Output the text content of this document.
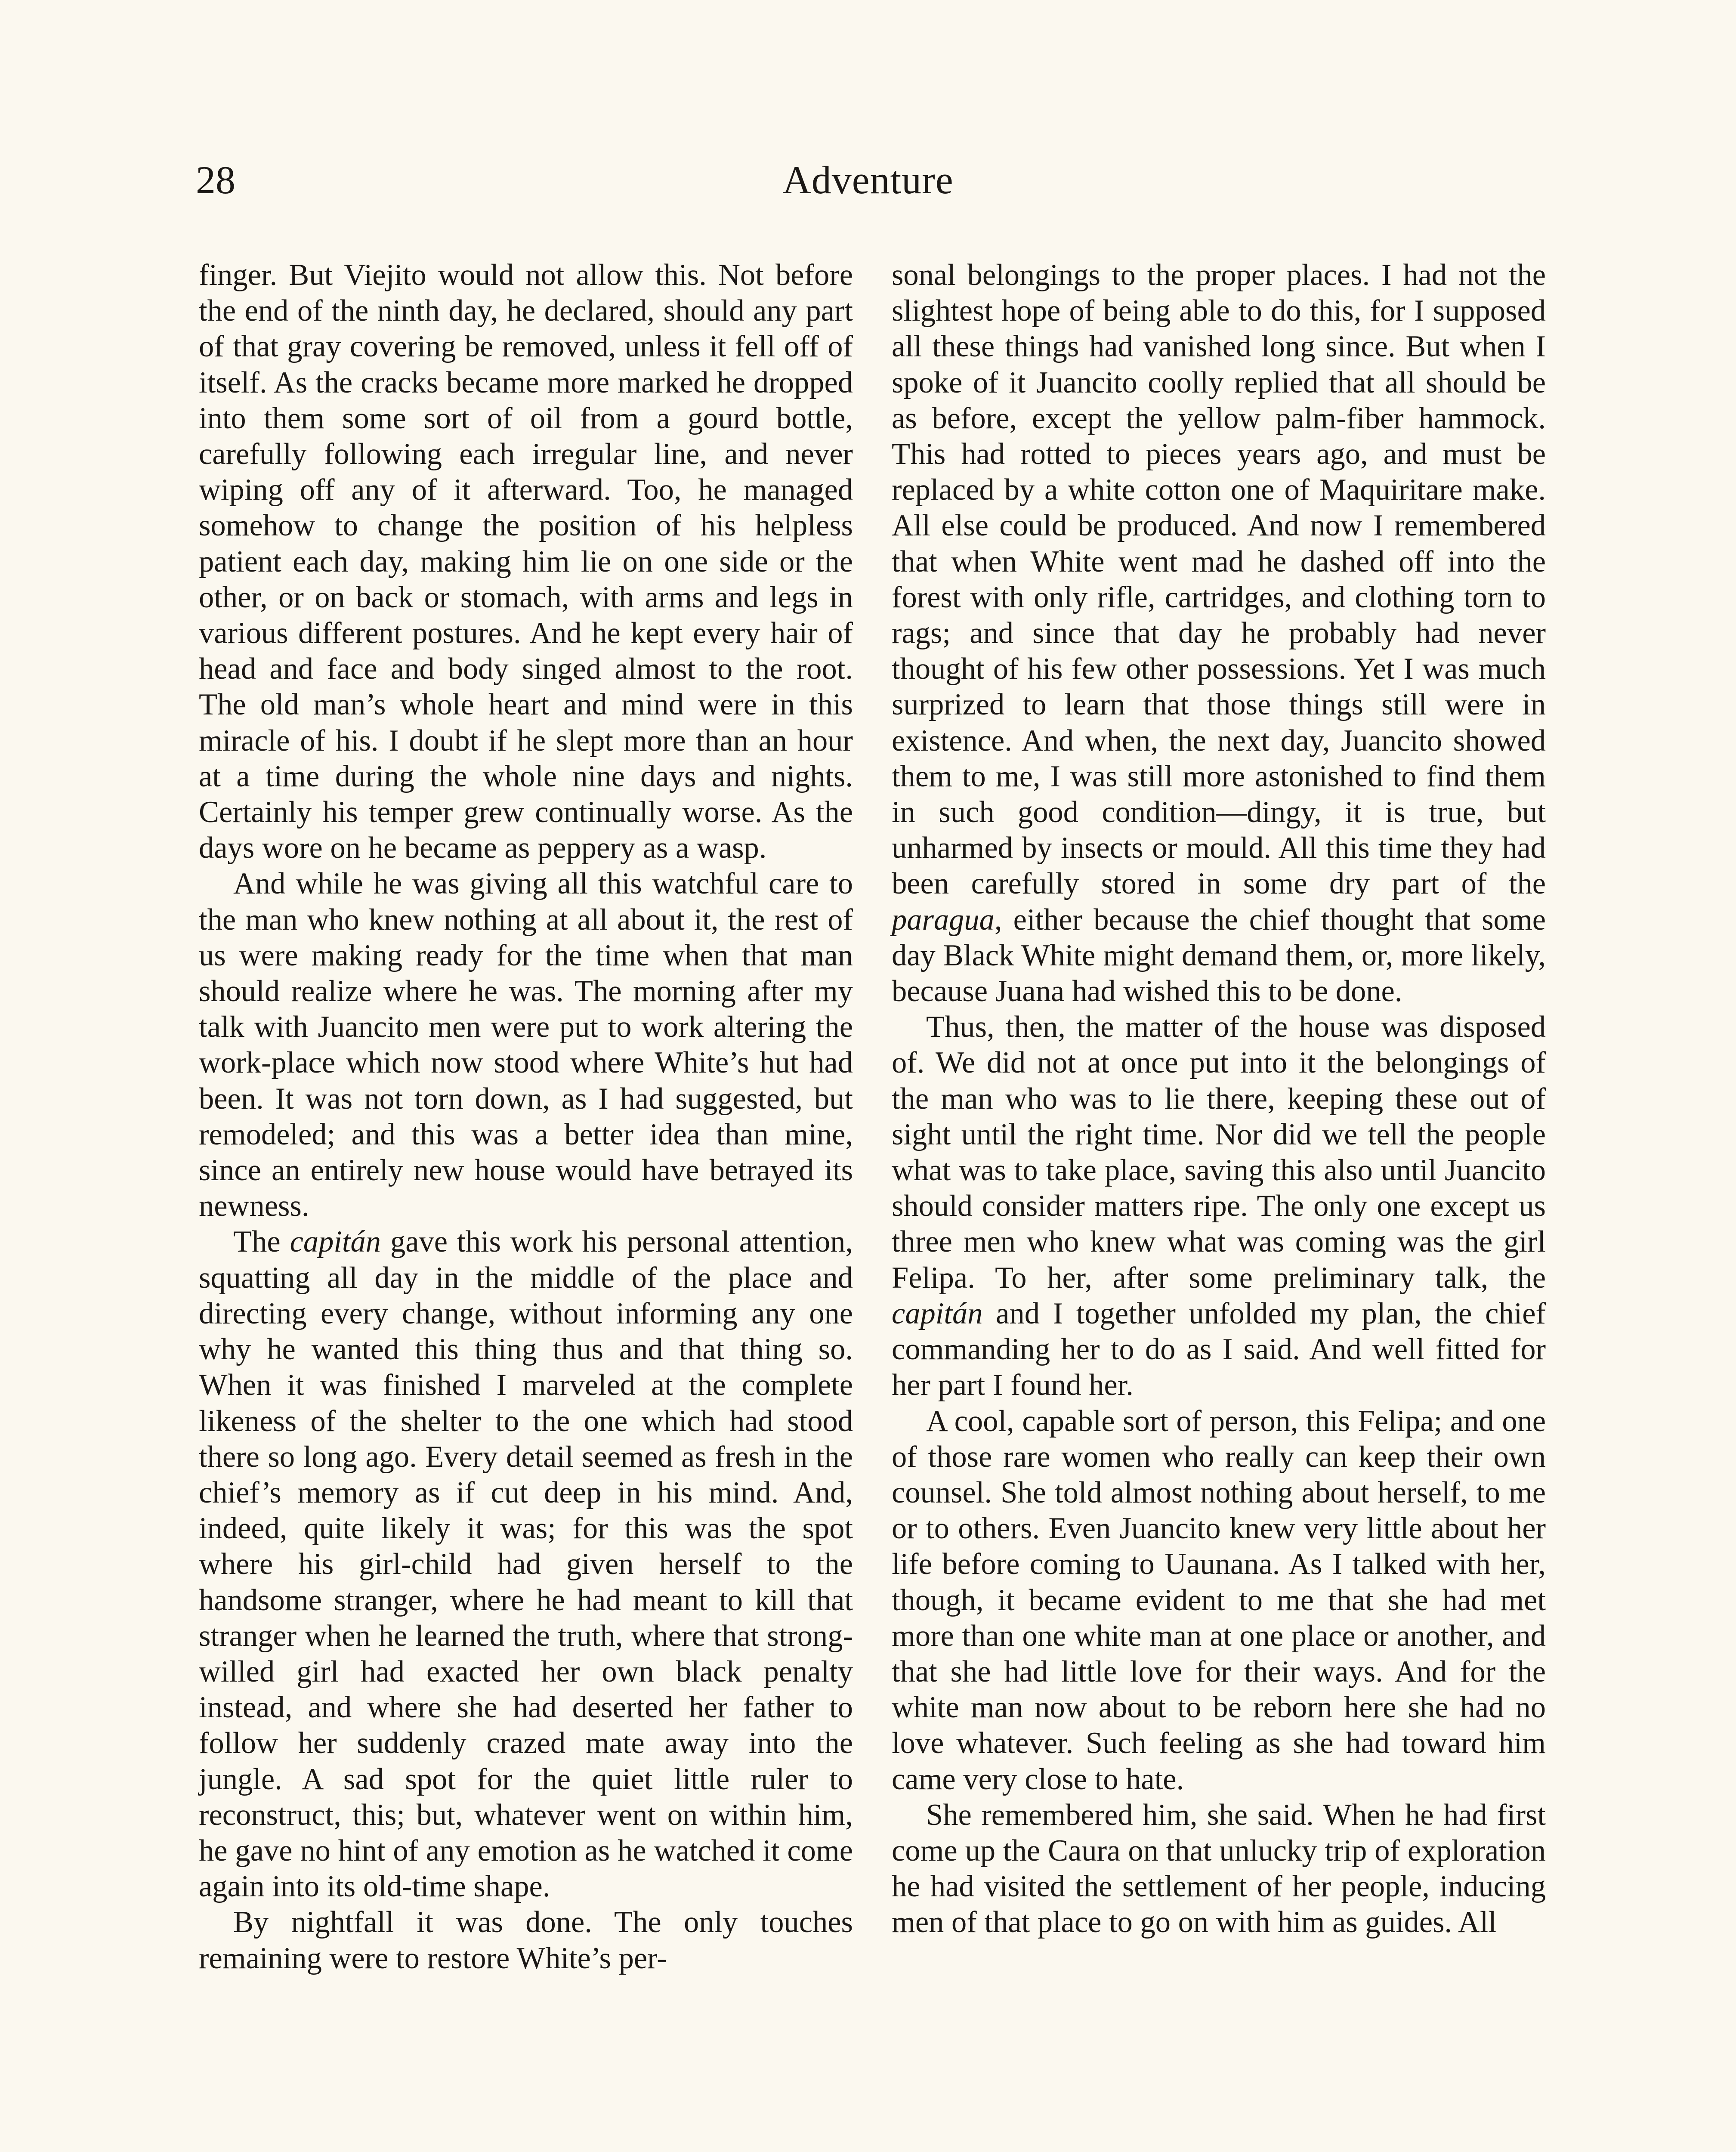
28	Adventure

finger. But Viejito would not allow this. Not before the end of the ninth day, he declared, should any part of that gray covering be removed, unless it fell off of itself. As the cracks became more marked he dropped into them some sort of oil from a gourd bottle, carefully following each irregular line, and never wiping off any of it afterward. Too, he managed somehow to change the position of his helpless patient each day, making him lie on one side or the other, or on back or stomach, with arms and legs in various different postures. And he kept every hair of head and face and body singed almost to the root. The old man’s whole heart and mind were in this miracle of his. I doubt if he slept more than an hour at a time during the whole nine days and nights. Certainly his temper grew continually worse. As the days wore on he became as peppery as a wasp.

And while he was giving all this watchful care to the man who knew nothing at all about it, the rest of us were making ready for the time when that man should realize where he was. The morning after my talk with Juancito men were put to work altering the work-place which now stood where White’s hut had been. It was not torn down, as I had suggested, but remodeled; and this was a better idea than mine, since an entirely new house would have betrayed its newness.

The capitán gave this work his personal attention, squatting all day in the middle of the place and directing every change, without informing any one why he wanted this thing thus and that thing so. When it was finished I marveled at the complete likeness of the shelter to the one which had stood there so long ago. Every detail seemed as fresh in the chief’s memory as if cut deep in his mind. And, indeed, quite likely it was; for this was the spot where his girl-child had given herself to the handsome stranger, where he had meant to kill that stranger when he learned the truth, where that strong-willed girl had exacted her own black penalty instead, and where she had deserted her father to follow her suddenly crazed mate away into the jungle. A sad spot for the quiet little ruler to reconstruct, this; but, whatever went on within him, he gave no hint of any emotion as he watched it come again into its old-time shape.

By nightfall it was done. The only touches remaining were to restore White’s per-

sonal belongings to the proper places. I had not the slightest hope of being able to do this, for I supposed all these things had vanished long since. But when I spoke of it Juancito coolly replied that all should be as before, except the yellow palm-fiber hammock. This had rotted to pieces years ago, and must be replaced by a white cotton one of Maquiritare make. All else could be produced. And now I remembered that when White went mad he dashed off into the forest with only rifle, cartridges, and clothing torn to rags; and since that day he probably had never thought of his few other possessions. Yet I was much surprized to learn that those things still were in existence. And when, the next day, Juancito showed them to me, I was still more astonished to find them in such good condition—dingy, it is true, but unharmed by insects or mould. All this time they had been carefully stored in some dry part of the paragua, either because the chief thought that some day Black White might demand them, or, more likely, because Juana had wished this to be done.

Thus, then, the matter of the house was disposed of. We did not at once put into it the belongings of the man who was to lie there, keeping these out of sight until the right time. Nor did we tell the people what was to take place, saving this also until Juancito should consider matters ripe. The only one except us three men who knew what was coming was the girl Felipa. To her, after some preliminary talk, the capitán and I together unfolded my plan, the chief commanding her to do as I said. And well fitted for her part I found her.

A cool, capable sort of person, this Felipa; and one of those rare women who really can keep their own counsel. She told almost nothing about herself, to me or to others. Even Juancito knew very little about her life before coming to Uaunana. As I talked with her, though, it became evident to me that she had met more than one white man at one place or another, and that she had little love for their ways. And for the white man now about to be reborn here she had no love whatever. Such feeling as she had toward him came very close to hate.

She remembered him, she said. When he had first come up the Caura on that unlucky trip of exploration he had visited the settlement of her people, inducing men of that place to go on with him as guides. All
